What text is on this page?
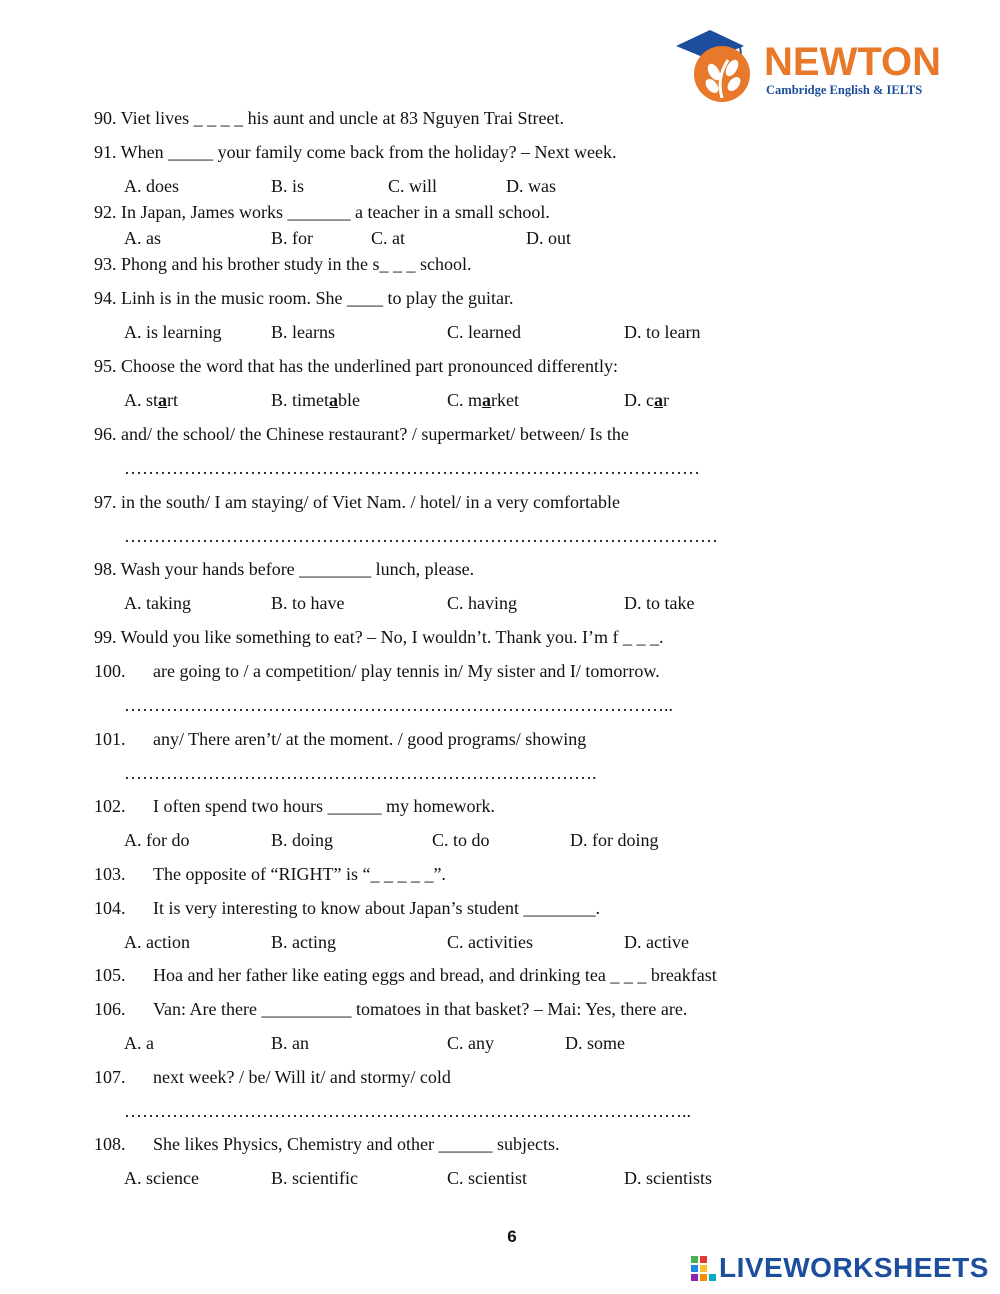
NEWTON
Cambridge English & IELTS
90. Viet lives _ _ _ _ his aunt and uncle at 83 Nguyen Trai Street.
91. When _____ your family come back from the holiday? – Next week.
A. does	B. is	C. will	D. was
92. In Japan, James works _______ a teacher in a small school.
A. as	B. for	C. at	D. out
93. Phong and his brother study in the s_ _ _ school.
94. Linh is in the music room. She ____ to play the guitar.
A. is learning	B. learns	C. learned	D. to learn
95. Choose the word that has the underlined part pronounced differently:
A. start	B. timetable	C. market	D. car
96. and/ the school/ the Chinese restaurant? / supermarket/ between/ Is the
……………………………………………………………………………………
97. in the south/ I am staying/ of Viet Nam. / hotel/ in a very comfortable
………………………………………………………………………………………
98. Wash your hands before ________ lunch, please.
A. taking	B. to have	C. having	D. to take
99. Would you like something to eat? – No, I wouldn’t. Thank you. I’m f _ _ _.
100. are going to / a competition/ play tennis in/ My sister and I/ tomorrow.
………………………………………………………………………………..
101. any/ There aren’t/ at the moment. / good programs/ showing
…………………………………………………………………….
102. I often spend two hours ______ my homework.
A. for do	B. doing	C. to do	D. for doing
103. The opposite of “RIGHT” is “_ _ _ _ _”.
104. It is very interesting to know about Japan’s student ________.
A. action	B. acting	C. activities	D. active
105. Hoa and her father like eating eggs and bread, and drinking tea _ _ _ breakfast
106. Van: Are there __________ tomatoes in that basket? – Mai: Yes, there are.
A. a	B. an	C. any	D. some
107. next week? / be/ Will it/ and stormy/ cold
…………………………………………………………………………………..
108. She likes Physics, Chemistry and other ______ subjects.
A. science	B. scientific	C. scientist	D. scientists
6
LIVEWORKSHEETS
